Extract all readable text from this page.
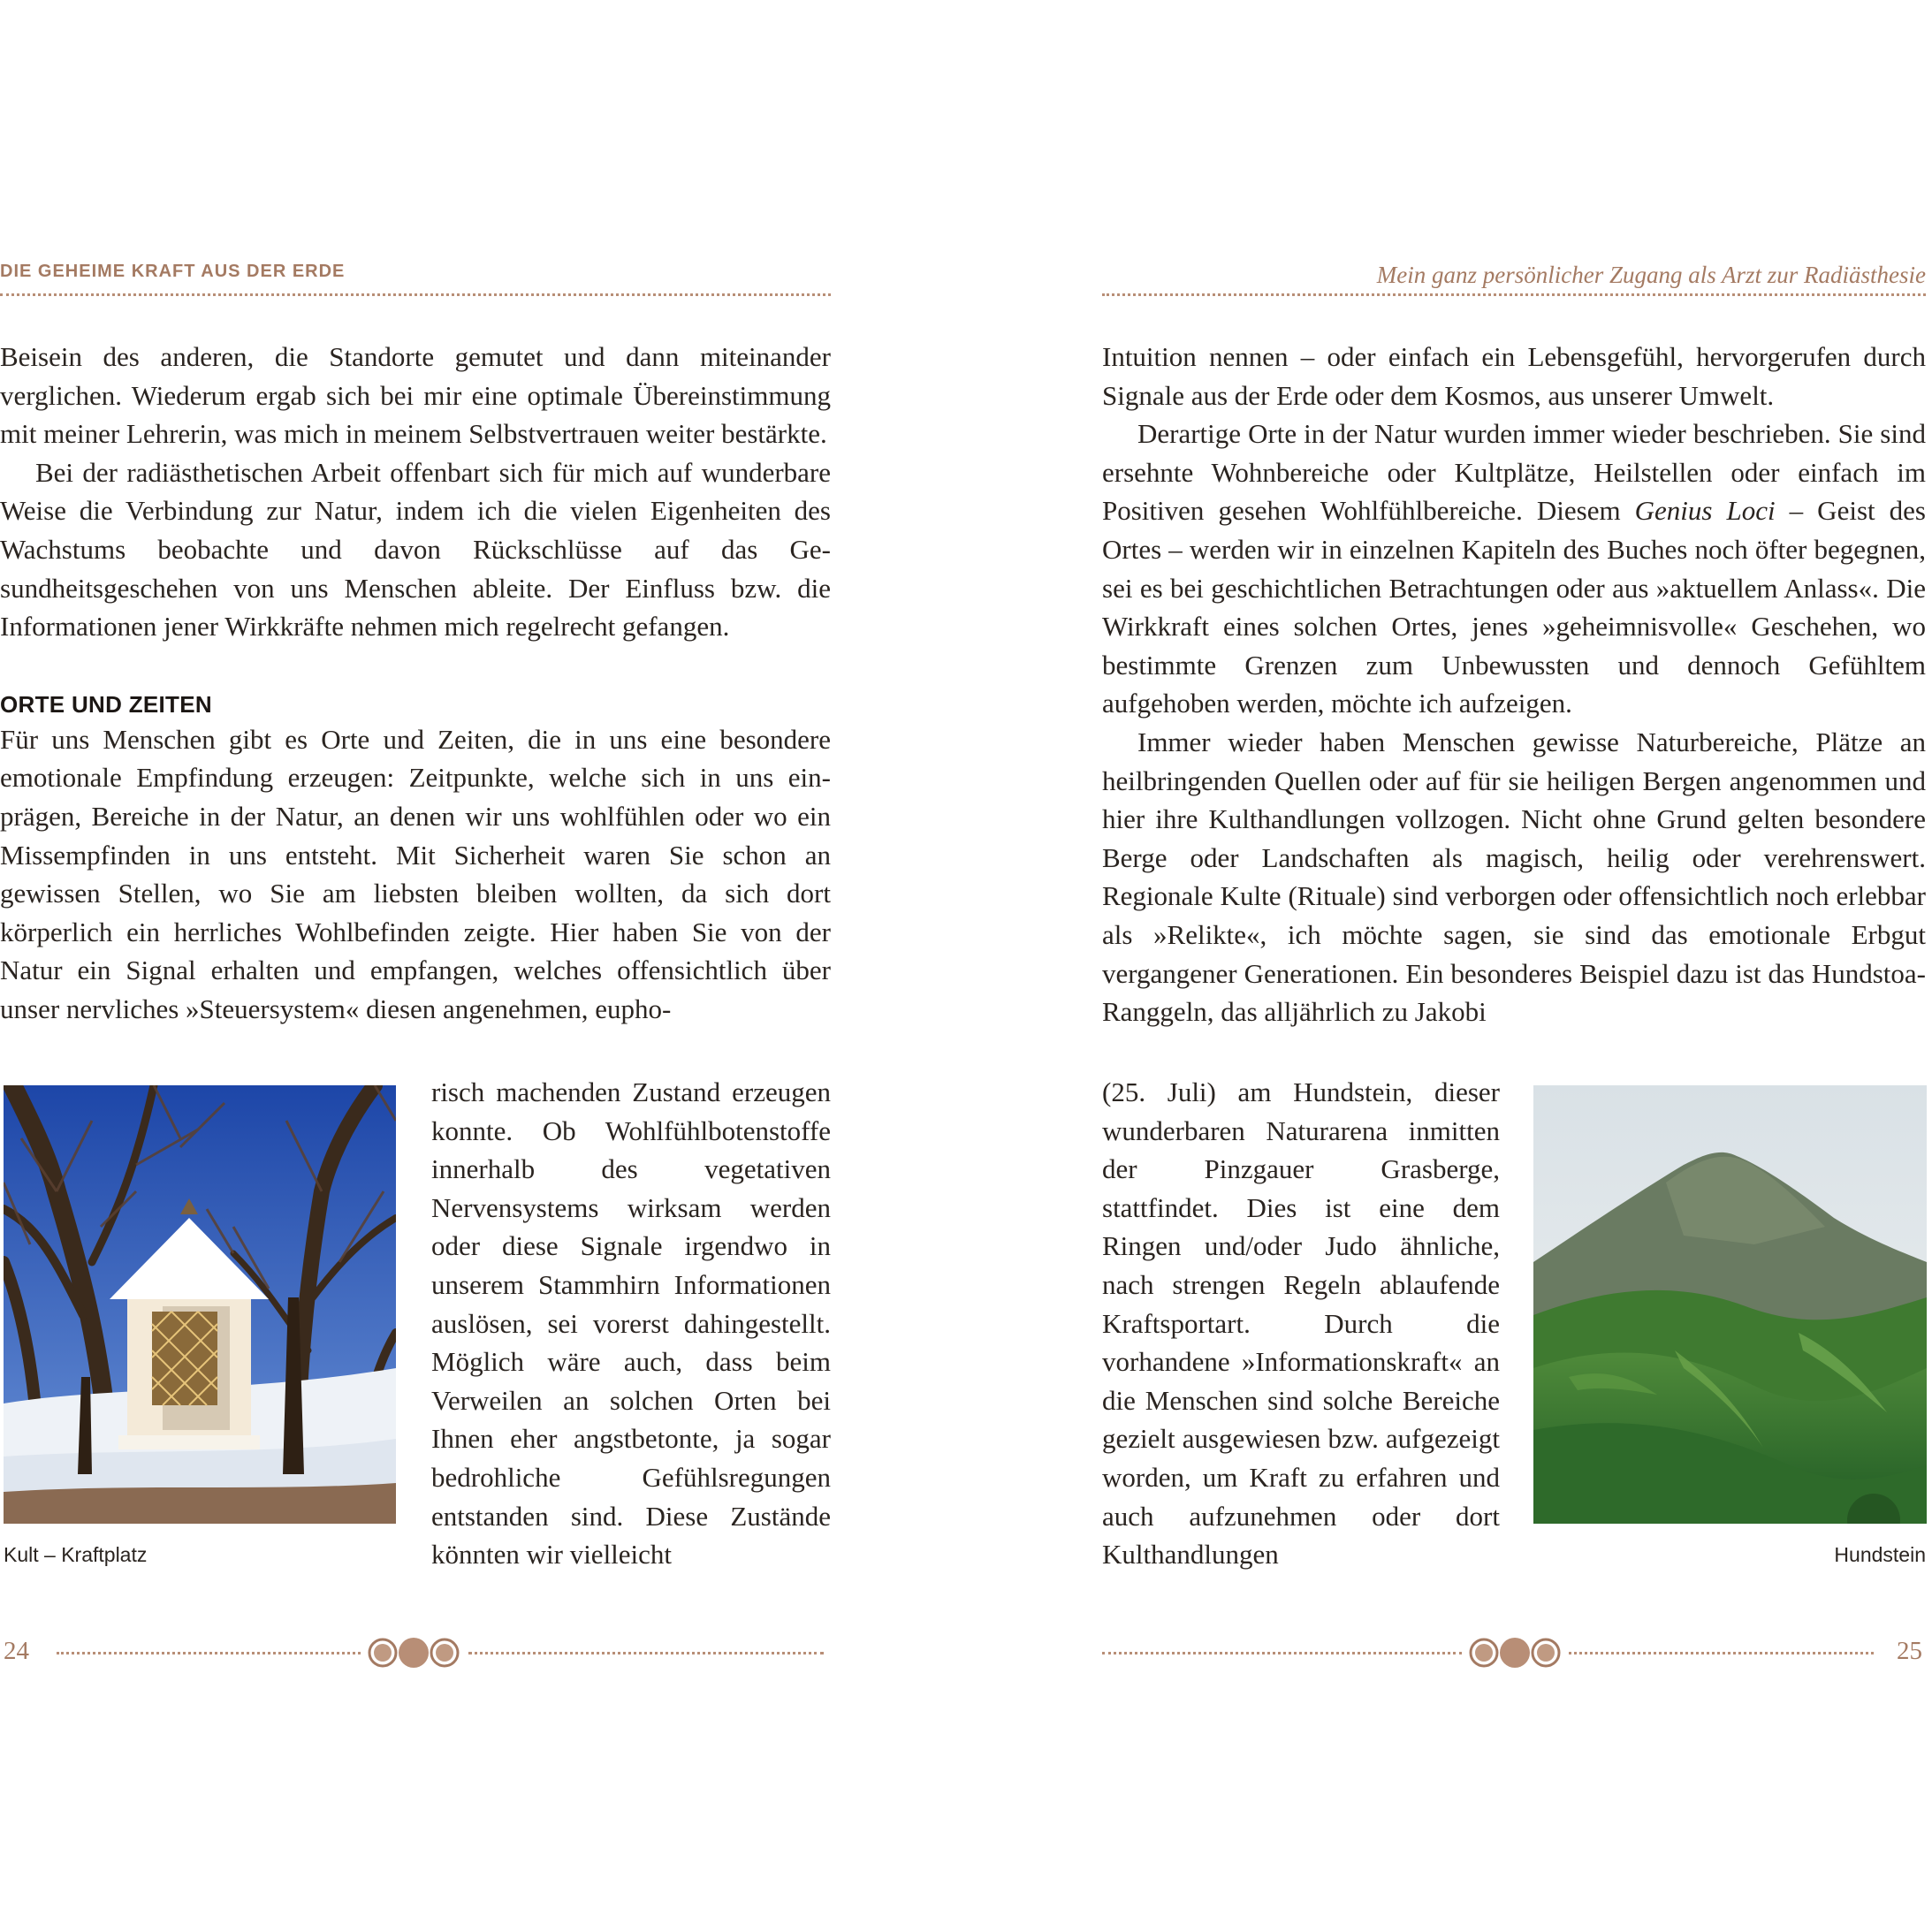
DIE GEHEIME KRAFT AUS DER ERDE

Beisein des anderen, die Standorte gemutet und dann miteinander verglichen. Wiederum ergab sich bei mir eine optimale Übereinstimmung mit meiner Lehrerin, was mich in meinem Selbstvertrauen weiter bestärkte.

Bei der radiästhetischen Arbeit offenbart sich für mich auf wunderbare Weise die Verbindung zur Natur, indem ich die vielen Eigenheiten des Wachstums beobachte und davon Rückschlüsse auf das Gesundheitsgeschehen von uns Menschen ableite. Der Einfluss bzw. die Informationen jener Wirkkräfte nehmen mich regelrecht gefangen.

ORTE UND ZEITEN

Für uns Menschen gibt es Orte und Zeiten, die in uns eine besondere emotionale Empfindung erzeugen: Zeitpunkte, welche sich in uns einprägen, Bereiche in der Natur, an denen wir uns wohlfühlen oder wo ein Missempfinden in uns entsteht. Mit Sicherheit waren Sie schon an gewissen Stellen, wo Sie am liebsten bleiben wollten, da sich dort körperlich ein herrliches Wohlbefinden zeigte. Hier haben Sie von der Natur ein Signal erhalten und empfangen, welches offensichtlich über unser nervliches »Steuersystem« diesen angenehmen, eupho-

risch machenden Zustand erzeugen konnte. Ob Wohlfühlbotenstoffe innerhalb des vegetativen Nervensystems wirksam werden oder diese Signale irgendwo in unserem Stammhirn Informationen auslösen, sei vorerst dahingestellt. Möglich wäre auch, dass beim Verweilen an solchen Orten bei Ihnen eher angstbetonte, ja sogar bedrohliche Gefühlsregungen entstanden sind. Diese Zustände könnten wir vielleicht

Kult – Kraftplatz
24
Mein ganz persönlicher Zugang als Arzt zur Radiästhesie

Intuition nennen – oder einfach ein Lebensgefühl, hervorgerufen durch Signale aus der Erde oder dem Kosmos, aus unserer Umwelt.

Derartige Orte in der Natur wurden immer wieder beschrieben. Sie sind ersehnte Wohnbereiche oder Kultplätze, Heilstellen oder einfach im Positiven gesehen Wohlfühlbereiche. Diesem Genius Loci – Geist des Ortes – werden wir in einzelnen Kapiteln des Buches noch öfter begegnen, sei es bei geschichtlichen Betrachtungen oder aus »aktuellem Anlass«. Die Wirkkraft eines solchen Ortes, jenes »geheimnisvolle« Geschehen, wo bestimmte Grenzen zum Unbewussten und dennoch Gefühltem aufgehoben werden, möchte ich aufzeigen.

Immer wieder haben Menschen gewisse Naturbereiche, Plätze an heilbringenden Quellen oder auf für sie heiligen Bergen angenommen und hier ihre Kulthandlungen vollzogen. Nicht ohne Grund gelten besondere Berge oder Landschaften als magisch, heilig oder verehrenswert. Regionale Kulte (Rituale) sind verborgen oder offensichtlich noch erlebbar als »Relikte«, ich möchte sagen, sie sind das emotionale Erbgut vergangener Generationen. Ein besonderes Beispiel dazu ist das Hundstoa-Ranggeln, das alljährlich zu Jakobi

(25. Juli) am Hundstein, dieser wunderbaren Naturarena inmitten der Pinzgauer Grasberge, stattfindet. Dies ist eine dem Ringen und/oder Judo ähnliche, nach strengen Regeln ablaufende Kraftsportart. Durch die vorhandene »Informationskraft« an die Menschen sind solche Bereiche gezielt ausgewiesen bzw. aufgezeigt worden, um Kraft zu erfahren und auch aufzunehmen oder dort Kulthandlungen	Hundstein
25
